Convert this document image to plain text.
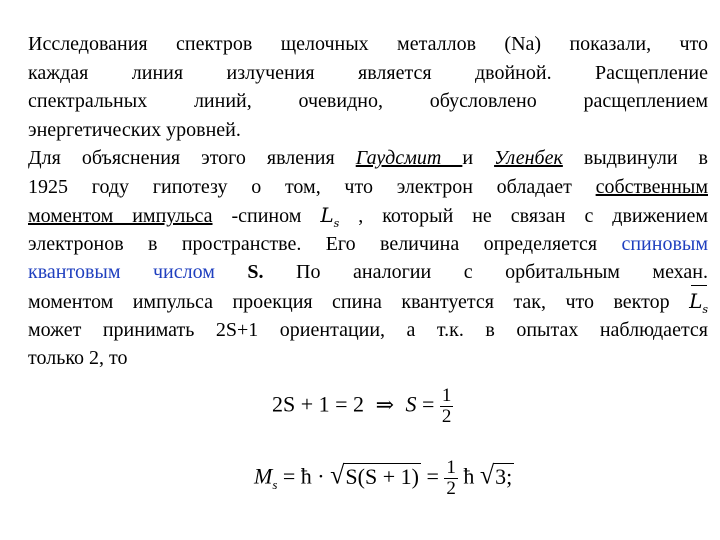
Исследования спектров щелочных металлов (Na) показали, что
каждая линия излучения является двойной. Расщепление
спектральных линий, очевидно, обусловлено расщеплением
энергетических уровней.
Для объяснения этого явления Гаудсмит и Уленбек выдвинули в
1925 году гипотезу о том, что электрон обладает собственным
моментом импульса -спином $L_s$ , который не связан с движением
электронов в пространстве. Его величина определяется спиновым
квантовым числом S. По аналогии с орбитальным механ.
моментом импульса проекция спина квантуется так, что вектор $L_s$
может принимать 2S+1 ориентации, а т.к. в опытах наблюдается
только 2, то
2S + 1 = 2 ⇒ $S = \frac{1}{2}$
$M_s$ = ħ · $√S(S + 1) = \frac{1}{2}$ ħ √3;
